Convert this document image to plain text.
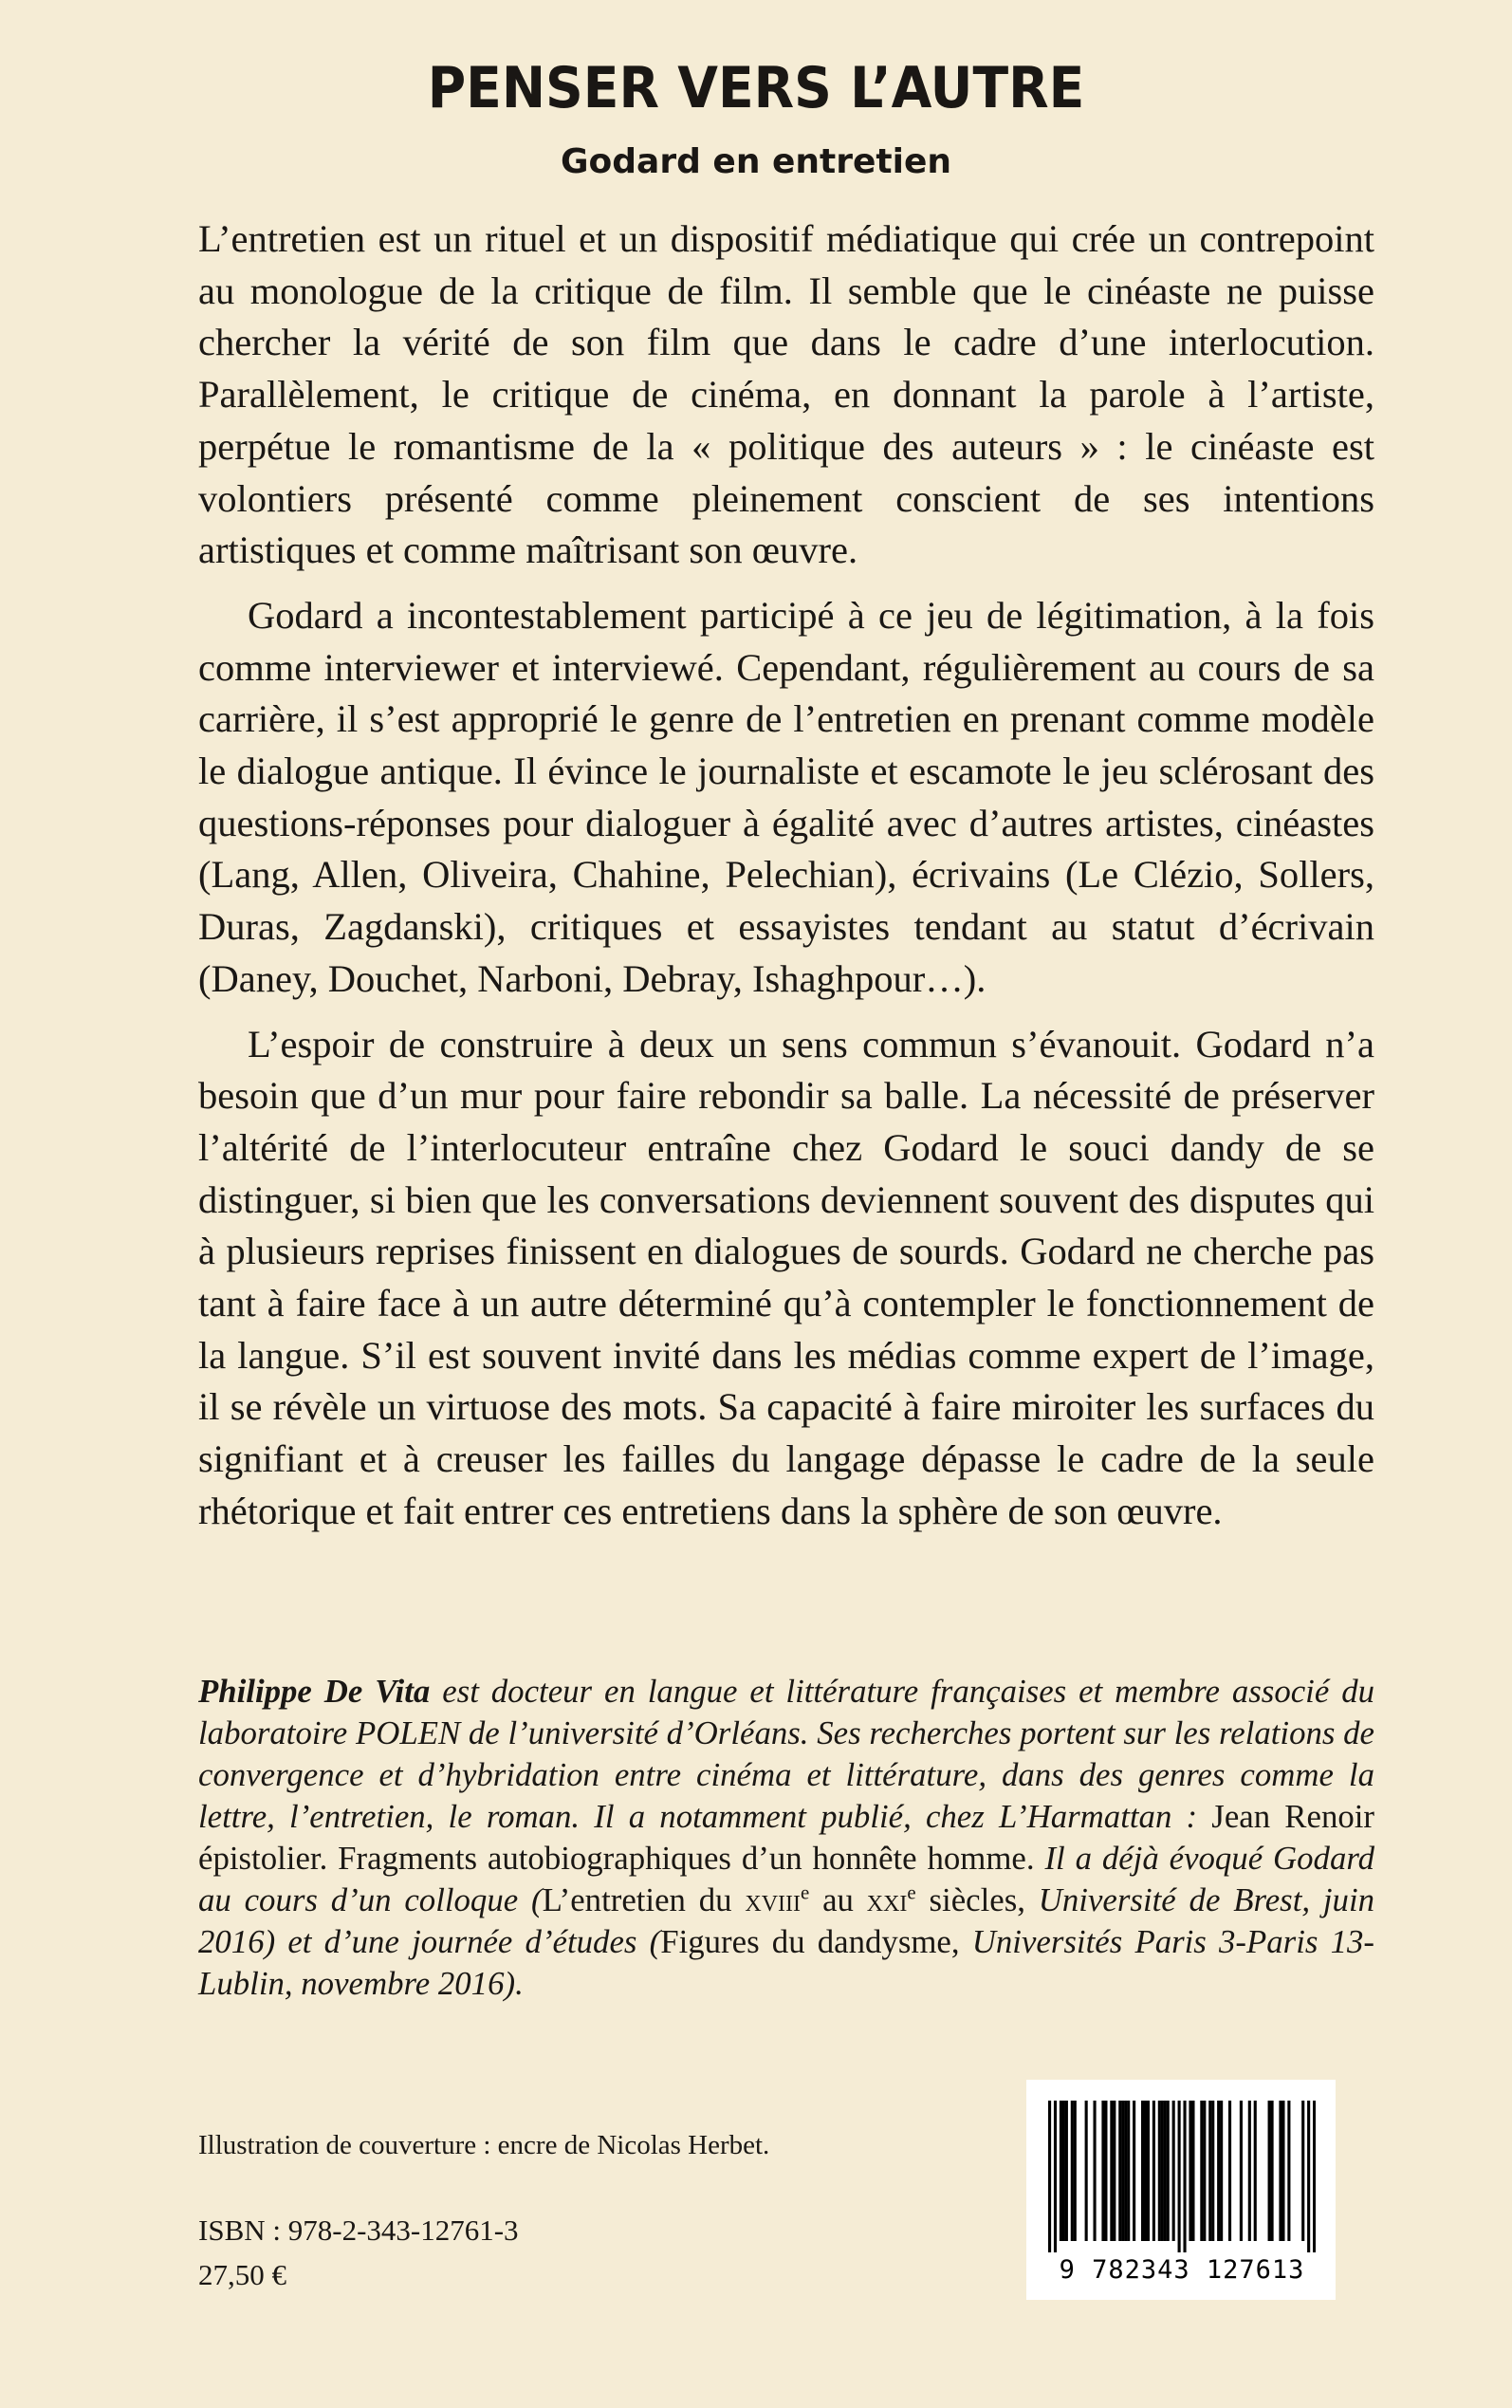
PENSER VERS L’AUTRE
Godard en entretien

L’entretien est un rituel et un dispositif médiatique qui crée un contrepoint au monologue de la critique de film. Il semble que le cinéaste ne puisse chercher la vérité de son film que dans le cadre d’une interlocution. Parallèlement, le critique de cinéma, en donnant la parole à l’artiste, perpétue le romantisme de la « politique des auteurs » : le cinéaste est volontiers présenté comme pleinement conscient de ses intentions artistiques et comme maîtrisant son œuvre.

Godard a incontestablement participé à ce jeu de légitimation, à la fois comme interviewer et interviewé. Cependant, régulièrement au cours de sa carrière, il s’est approprié le genre de l’entretien en prenant comme modèle le dialogue antique. Il évince le journaliste et escamote le jeu sclérosant des questions-réponses pour dialoguer à égalité avec d’autres artistes, cinéastes (Lang, Allen, Oliveira, Chahine, Pelechian), écrivains (Le Clézio, Sollers, Duras, Zagdanski), critiques et essayistes tendant au statut d’écrivain (Daney, Douchet, Narboni, Debray, Ishaghpour…).

L’espoir de construire à deux un sens commun s’évanouit. Godard n’a besoin que d’un mur pour faire rebondir sa balle. La nécessité de préserver l’altérité de l’interlocuteur entraîne chez Godard le souci dandy de se distinguer, si bien que les conversations deviennent souvent des disputes qui à plusieurs reprises finissent en dialogues de sourds. Godard ne cherche pas tant à faire face à un autre déterminé qu’à contempler le fonctionnement de la langue. S’il est souvent invité dans les médias comme expert de l’image, il se révèle un virtuose des mots. Sa capacité à faire miroiter les surfaces du signifiant et à creuser les failles du langage dépasse le cadre de la seule rhétorique et fait entrer ces entretiens dans la sphère de son œuvre.

Philippe De Vita est docteur en langue et littérature françaises et membre associé du laboratoire POLEN de l’université d’Orléans. Ses recherches portent sur les relations de convergence et d’hybridation entre cinéma et littérature, dans des genres comme la lettre, l’entretien, le roman. Il a notamment publié, chez L’Harmattan : Jean Renoir épistolier. Fragments autobiographiques d’un honnête homme. Il a déjà évoqué Godard au cours d’un colloque (L’entretien du xviii$^e$ au xxi$^e$ siècles, Université de Brest, juin 2016) et d’une journée d’études (Figures du dandysme, Universités Paris 3-Paris 13-Lublin, novembre 2016).
Illustration de couverture : encre de Nicolas Herbet.
ISBN : 978-2-343-12761-3
27,50 €	9 782343 127613
